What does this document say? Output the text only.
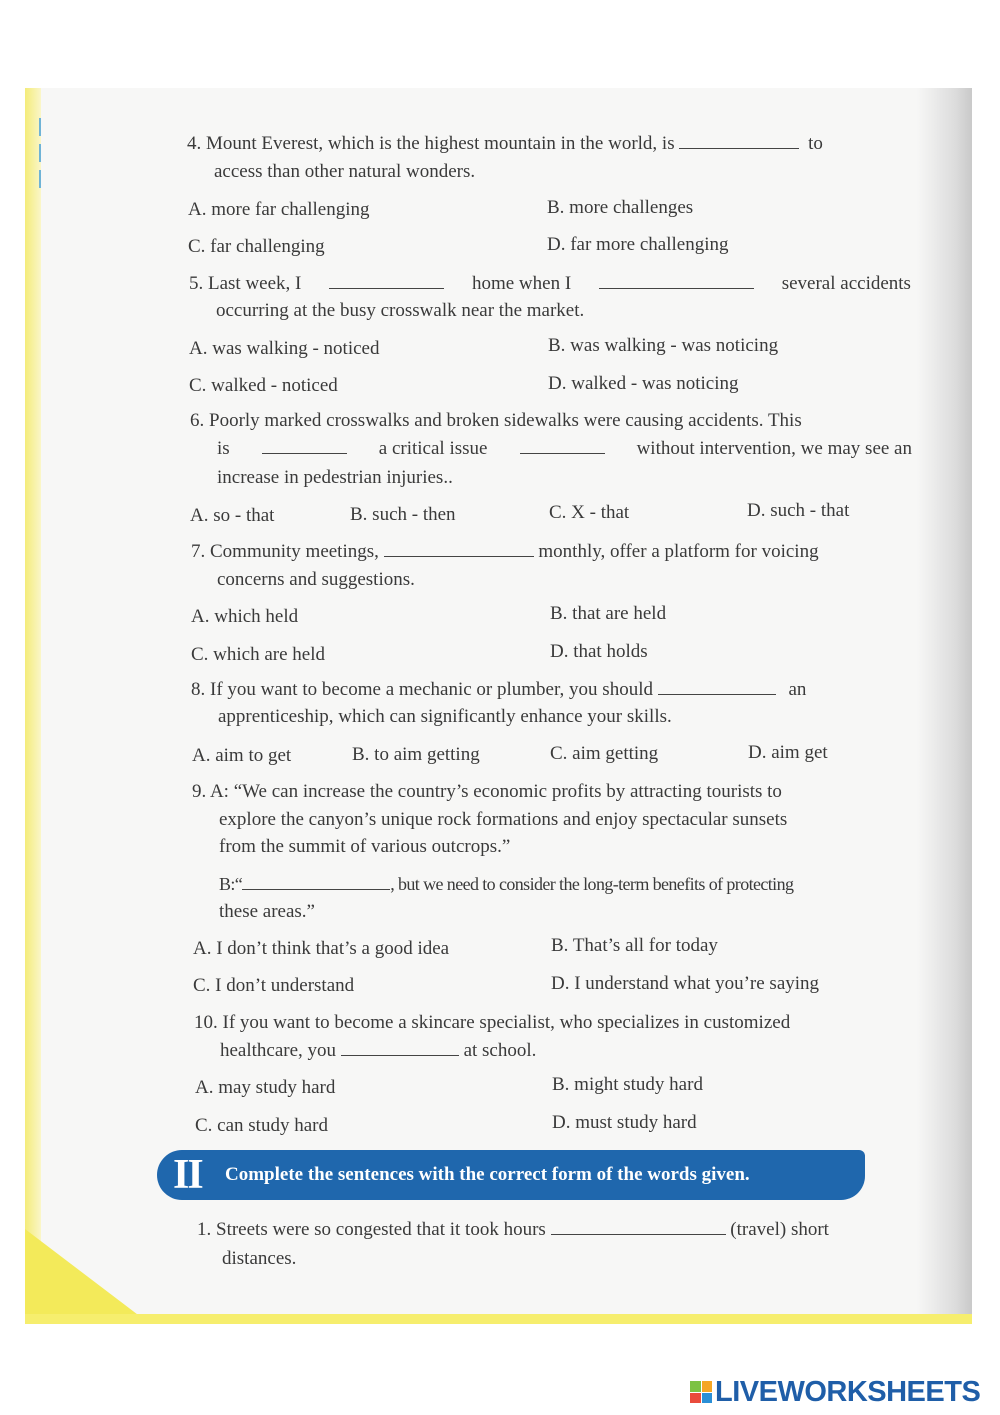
4. Mount Everest, which is the highest mountain in the world, is	to
access than other natural wonders.
A. more far challenging	B. more challenges
C. far challenging	D. far more challenging
5. Last week, I	home when I	several accidents
occurring at the busy crosswalk near the market.
A. was walking - noticed	B. was walking - was noticing
C. walked - noticed	D. walked - was noticing
6. Poorly marked crosswalks and broken sidewalks were causing accidents. This
is	a critical issue	without intervention, we may see an
increase in pedestrian injuries..
A. so - that	B. such - then	C. X - that	D. such - that
7. Community meetings,	monthly, offer a platform for voicing
concerns and suggestions.
A. which held	B. that are held
C. which are held	D. that holds
8. If you want to become a mechanic or plumber, you should	an
apprenticeship, which can significantly enhance your skills.
A. aim to get	B. to aim getting	C. aim getting	D. aim get
9. A: “We can increase the country’s economic profits by attracting tourists to
explore the canyon’s unique rock formations and enjoy spectacular sunsets
from the summit of various outcrops.”
B:“	, but we need to consider the long-term benefits of protecting
these areas.”
A. I don’t think that’s a good idea	B. That’s all for today
C. I don’t understand	D. I understand what you’re saying
10. If you want to become a skincare specialist, who specializes in customized
healthcare, you	at school.
A. may study hard	B. might study hard
C. can study hard	D. must study hard
II	Complete the sentences with the correct form of the words given.
1. Streets were so congested that it took hours	(travel) short
distances.
LIVEWORKSHEETS
